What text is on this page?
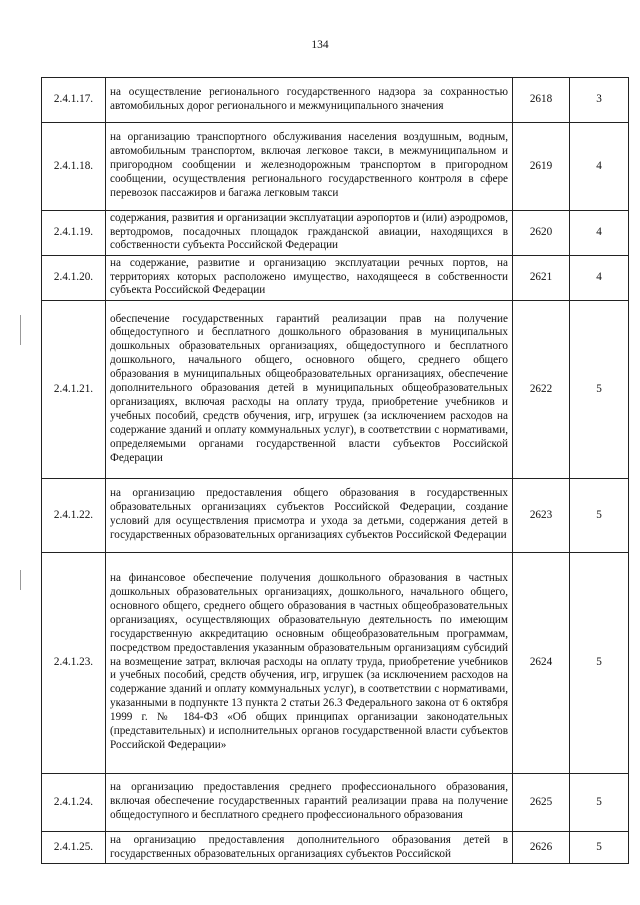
134
2.4.1.17.	на осуществление регионального государственного надзора за сохранностью автомобильных дорог регионального и межмуниципального значения	2618	3
2.4.1.18.	на организацию транспортного обслуживания населения воздушным, водным, автомобильным транспортом, включая легковое такси, в межмуниципальном и пригородном сообщении и железнодорожным транспортом в пригородном сообщении, осуществления регионального государственного контроля в сфере перевозок пассажиров и багажа легковым такси	2619	4
2.4.1.19.	содержания, развития и организации эксплуатации аэропортов и (или) аэродромов, вертодромов, посадочных площадок гражданской авиации, находящихся в собственности субъекта Российской Федерации	2620	4
2.4.1.20.	на содержание, развитие и организацию эксплуатации речных портов, на территориях которых расположено имущество, находящееся в собственности субъекта Российской Федерации	2621	4
2.4.1.21.	обеспечение государственных гарантий реализации прав на получение общедоступного и бесплатного дошкольного образования в муниципальных дошкольных образовательных организациях, общедоступного и бесплатного дошкольного, начального общего, основного общего, среднего общего образования в муниципальных общеобразовательных организациях, обеспечение дополнительного образования детей в муниципальных общеобразовательных организациях, включая расходы на оплату труда, приобретение учебников и учебных пособий, средств обучения, игр, игрушек (за исключением расходов на содержание зданий и оплату коммунальных услуг), в соответствии с нормативами, определяемыми органами государственной власти субъектов Российской Федерации	2622	5
2.4.1.22.	на организацию предоставления общего образования в государственных образовательных организациях субъектов Российской Федерации, создание условий для осуществления присмотра и ухода за детьми, содержания детей в государственных образовательных организациях субъектов Российской Федерации	2623	5
2.4.1.23.	на финансовое обеспечение получения дошкольного образования в частных дошкольных образовательных организациях, дошкольного, начального общего, основного общего, среднего общего образования в частных общеобразовательных организациях, осуществляющих образовательную деятельность по имеющим государственную аккредитацию основным общеобразовательным программам, посредством предоставления указанным образовательным организациям субсидий на возмещение затрат, включая расходы на оплату труда, приобретение учебников и учебных пособий, средств обучения, игр, игрушек (за исключением расходов на содержание зданий и оплату коммунальных услуг), в соответствии с нормативами, указанными в подпункте 13 пункта 2 статьи 26.3 Федерального закона от 6 октября 1999 г. № 184-ФЗ «Об общих принципах организации законодательных (представительных) и исполнительных органов государственной власти субъектов Российской Федерации»	2624	5
2.4.1.24.	на организацию предоставления среднего профессионального образования, включая обеспечение государственных гарантий реализации права на получение общедоступного и бесплатного среднего профессионального образования	2625	5
2.4.1.25.	на организацию предоставления дополнительного образования детей в государственных образовательных организациях субъектов Российской	2626	5
